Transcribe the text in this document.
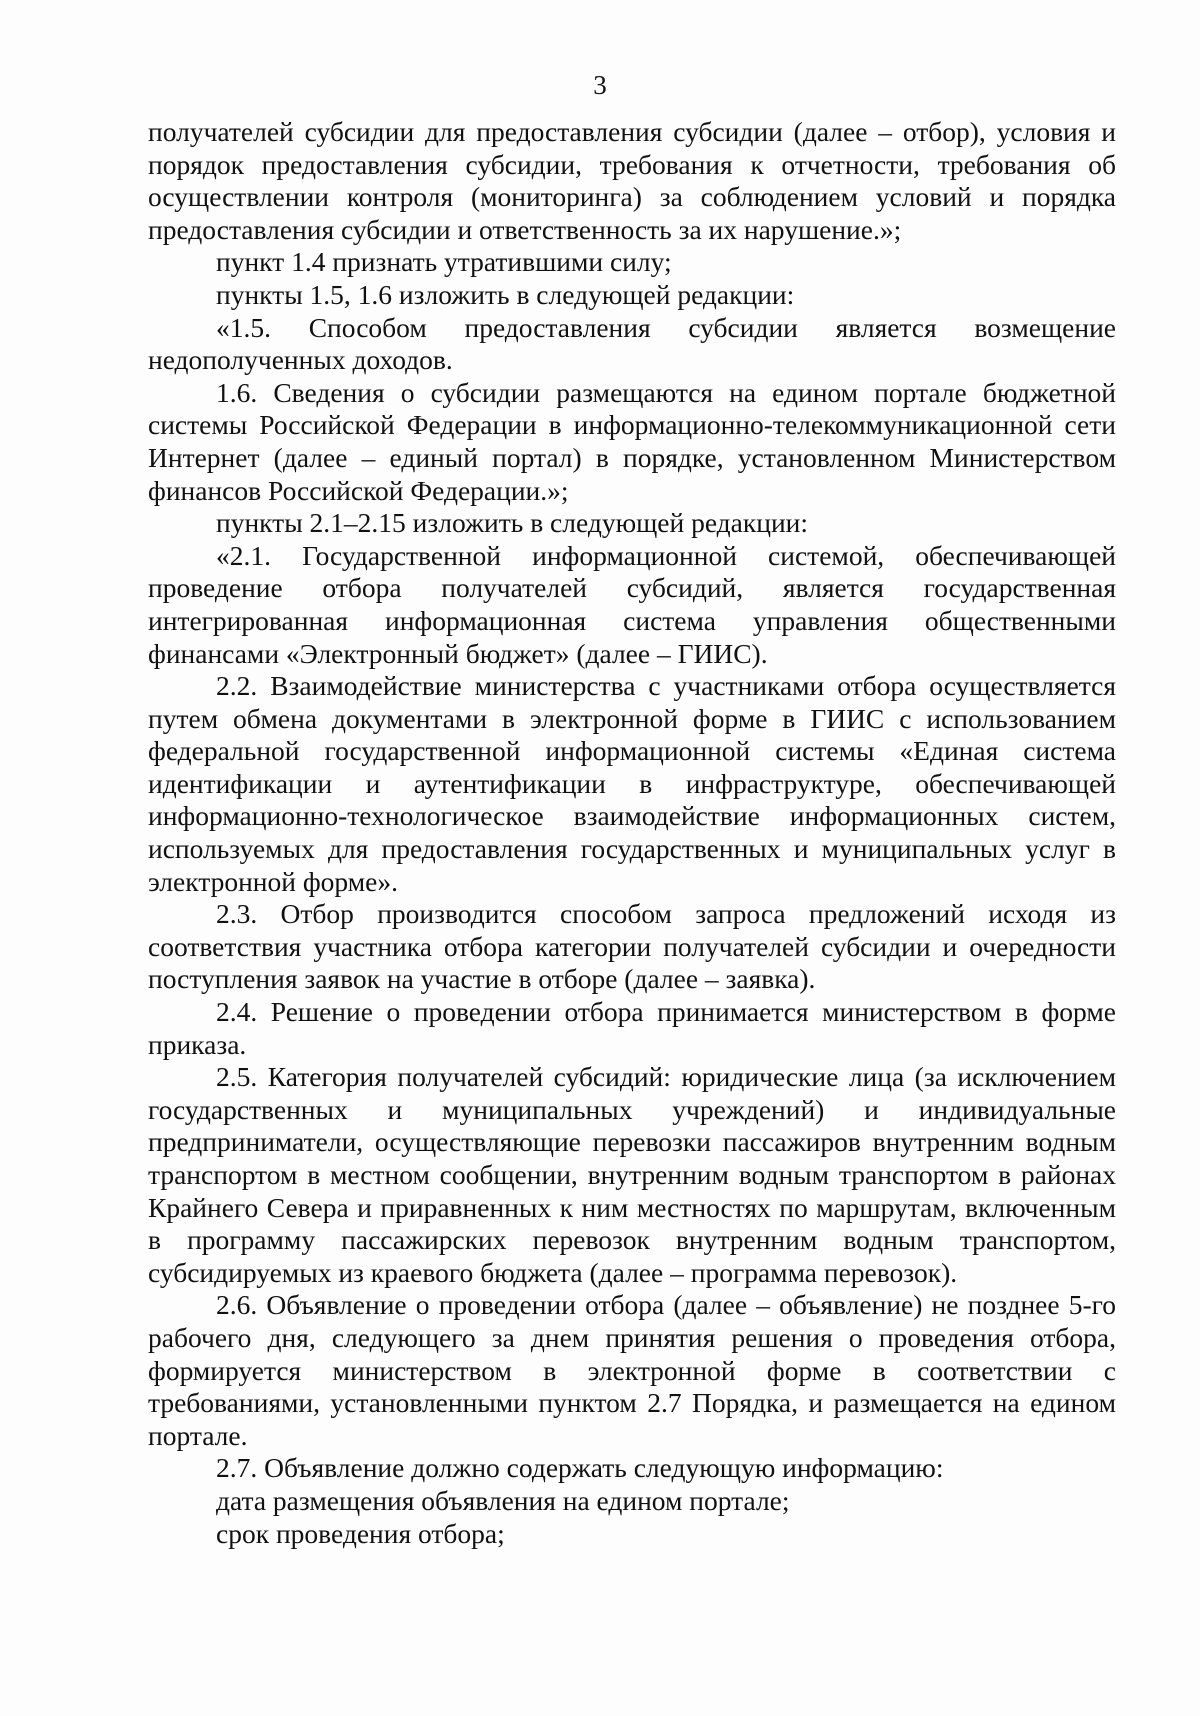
3

получателей субсидии для предоставления субсидии (далее – отбор), условия и порядок предоставления субсидии, требования к отчетности, требования об осуществлении контроля (мониторинга) за соблюдением условий и порядка предоставления субсидии и ответственность за их нарушение.»;

пункт 1.4 признать утратившими силу;

пункты 1.5, 1.6 изложить в следующей редакции:

«1.5. Способом предоставления субсидии является возмещение недополученных доходов.

1.6. Сведения о субсидии размещаются на едином портале бюджетной системы Российской Федерации в информационно-телекоммуникационной сети Интернет (далее – единый портал) в порядке, установленном Министерством финансов Российской Федерации.»;

пункты 2.1–2.15 изложить в следующей редакции:

«2.1. Государственной информационной системой, обеспечивающей проведение отбора получателей субсидий, является государственная интегрированная информационная система управления общественными финансами «Электронный бюджет» (далее – ГИИС).

2.2. Взаимодействие министерства с участниками отбора осуществляется путем обмена документами в электронной форме в ГИИС с использованием федеральной государственной информационной системы «Единая система идентификации и аутентификации в инфраструктуре, обеспечивающей информационно-технологическое взаимодействие информационных систем, используемых для предоставления государственных и муниципальных услуг в электронной форме».

2.3. Отбор производится способом запроса предложений исходя из соответствия участника отбора категории получателей субсидии и очередности поступления заявок на участие в отборе (далее – заявка).

2.4. Решение о проведении отбора принимается министерством в форме приказа.

2.5. Категория получателей субсидий: юридические лица (за исключением государственных и муниципальных учреждений) и индивидуальные предприниматели, осуществляющие перевозки пассажиров внутренним водным транспортом в местном сообщении, внутренним водным транспортом в районах Крайнего Севера и приравненных к ним местностях по маршрутам, включенным в программу пассажирских перевозок внутренним водным транспортом, субсидируемых из краевого бюджета (далее – программа перевозок).

2.6. Объявление о проведении отбора (далее – объявление) не позднее 5-го рабочего дня, следующего за днем принятия решения о проведения отбора, формируется министерством в электронной форме в соответствии с требованиями, установленными пунктом 2.7 Порядка, и размещается на едином портале.

2.7. Объявление должно содержать следующую информацию:

дата размещения объявления на едином портале;

срок проведения отбора;
